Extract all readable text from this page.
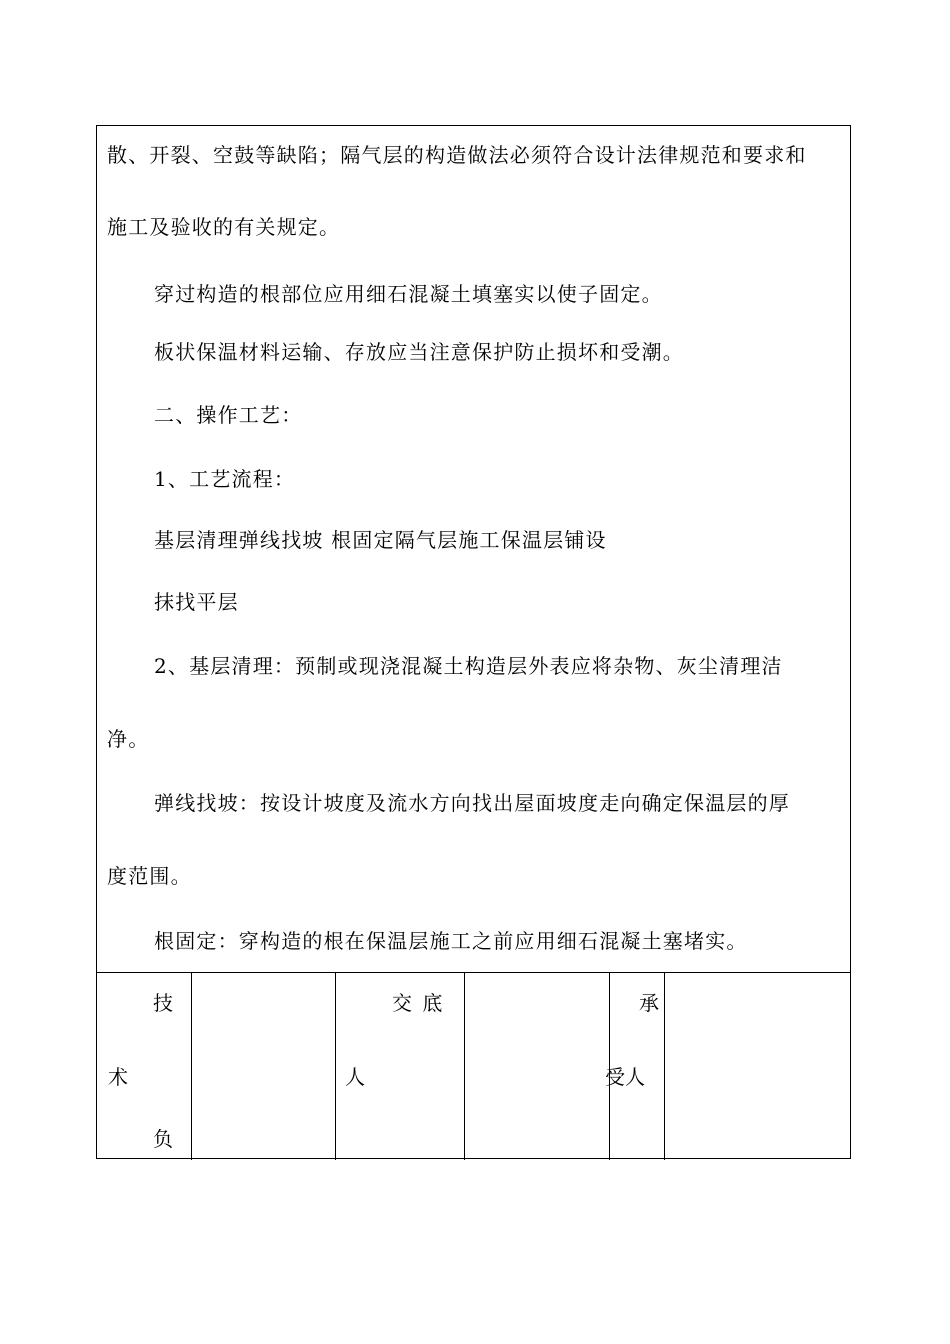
散、开裂、空鼓等缺陷；隔气层的构造做法必须符合设计法律规范和要求和
施工及验收的有关规定。
穿过构造的根部位应用细石混凝土填塞实以使子固定。
板状保温材料运输、存放应当注意保护防止损坏和受潮。
二、操作工艺：
1、工艺流程：
基层清理弹线找坡 根固定隔气层施工保温层铺设
抹找平层
2、基层清理：预制或现浇混凝土构造层外表应将杂物、灰尘清理洁
净。
弹线找坡：按设计坡度及流水方向找出屋面坡度走向确定保温层的厚
度范围。
根固定：穿构造的根在保温层施工之前应用细石混凝土塞堵实。
技
术
负
交 底
人
承
受人
